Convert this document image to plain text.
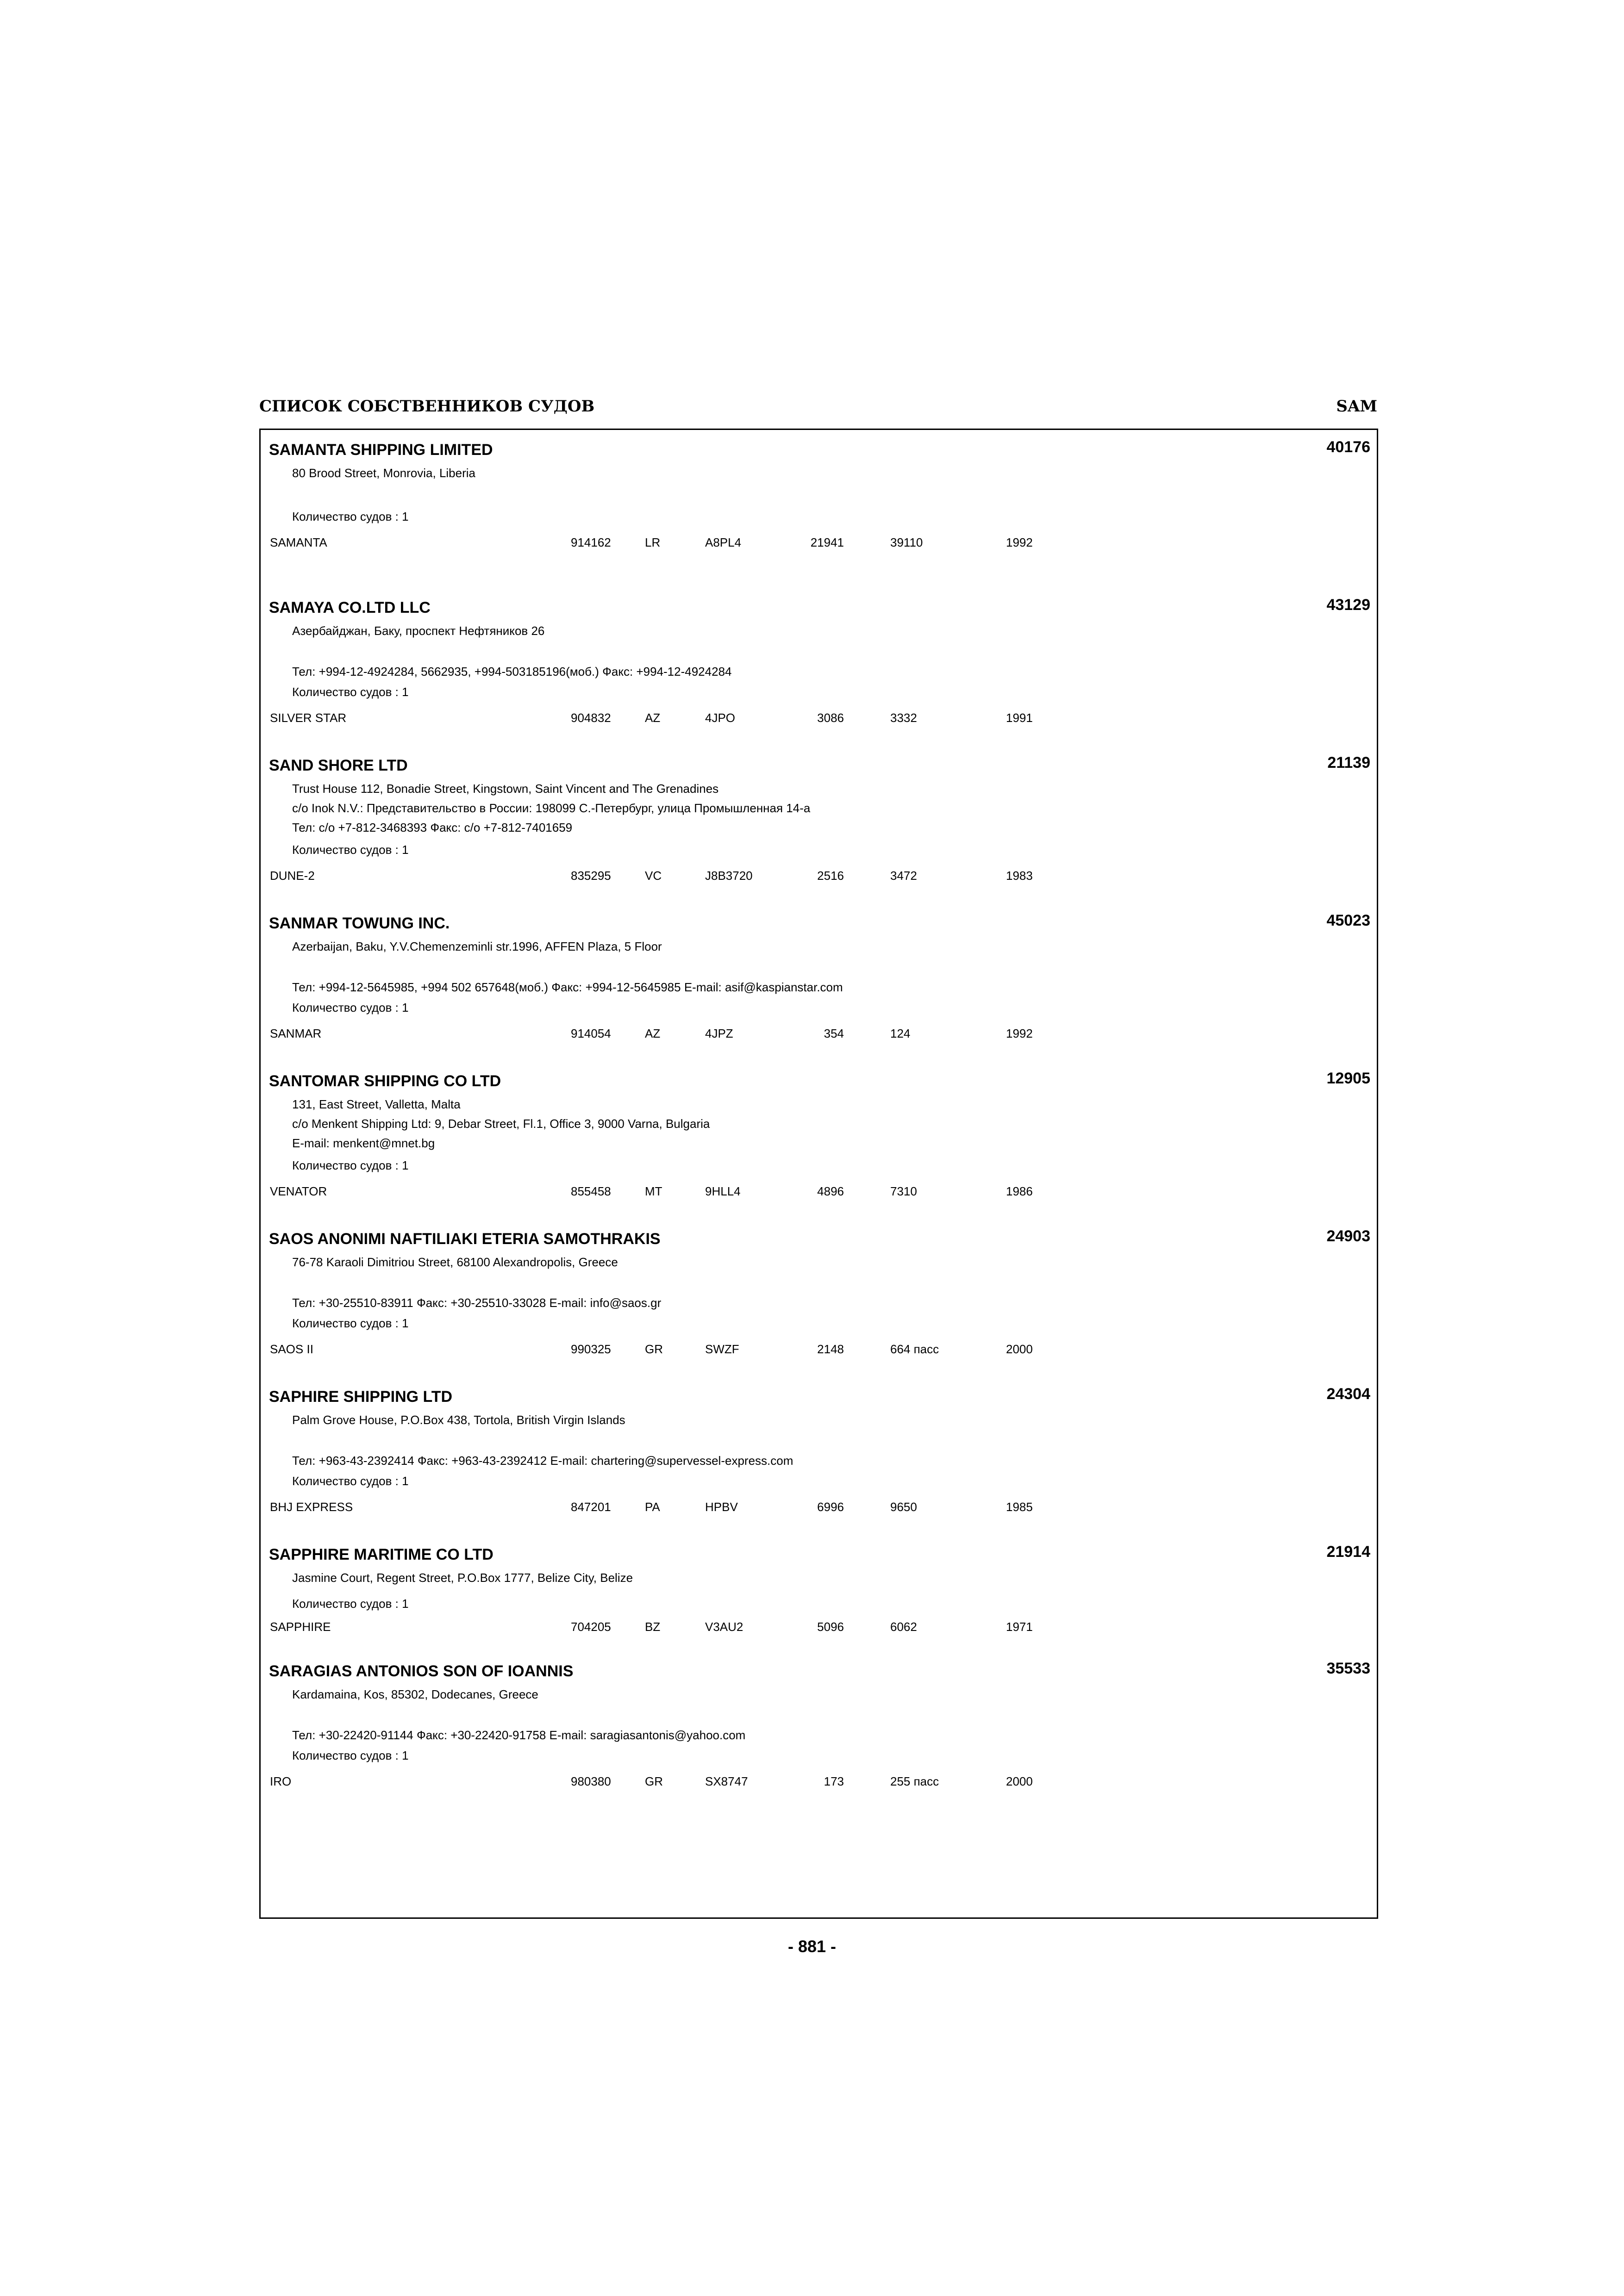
СПИСОК СОБСТВЕННИКОВ СУДОВ	SAM
SAMANTA SHIPPING LIMITED	40176
80 Brood Street, Monrovia, Liberia
Количество судов : 1
SAMANTA	914162	LR	A8PL4	21941	39110	1992
SAMAYA CO.LTD LLC	43129
Азербайджан, Баку, проспект Нефтяников 26
Тел: +994-12-4924284, 5662935, +994-503185196(моб.) Факс: +994-12-4924284
Количество судов : 1
SILVER STAR	904832	AZ	4JPO	3086	3332	1991
SAND SHORE LTD	21139
Trust House 112, Bonadie Street, Kingstown, Saint Vincent and The Grenadines
c/o Inok N.V.: Представительство в России: 198099 С.-Петербург, улица Промышленная 14-а
Тел: c/o +7-812-3468393 Факс: c/o +7-812-7401659
Количество судов : 1
DUNE-2	835295	VC	J8B3720	2516	3472	1983
SANMAR TOWUNG INC.	45023
Azerbaijan, Baku, Y.V.Chemenzeminli str.1996, AFFEN Plaza, 5 Floor
Тел: +994-12-5645985, +994 502 657648(моб.) Факс: +994-12-5645985 E-mail: asif@kaspianstar.com
Количество судов : 1
SANMAR	914054	AZ	4JPZ	354	124	1992
SANTOMAR SHIPPING CO LTD	12905
131, East Street, Valletta, Malta
c/o Menkent Shipping Ltd: 9, Debar Street, Fl.1, Office 3, 9000 Varna, Bulgaria
E-mail: menkent@mnet.bg
Количество судов : 1
VENATOR	855458	MT	9HLL4	4896	7310	1986
SAOS ANONIMI NAFTILIAKI ETERIA SAMOTHRAKIS	24903
76-78 Karaoli Dimitriou Street, 68100 Alexandropolis, Greece
Тел: +30-25510-83911 Факс: +30-25510-33028 E-mail: info@saos.gr
Количество судов : 1
SAOS II	990325	GR	SWZF	2148	664 пасс	2000
SAPHIRE SHIPPING LTD	24304
Palm Grove House, P.O.Box 438, Tortola, British Virgin Islands
Тел: +963-43-2392414 Факс: +963-43-2392412 E-mail: chartering@supervessel-express.com
Количество судов : 1
BHJ EXPRESS	847201	PA	HPBV	6996	9650	1985
SAPPHIRE MARITIME CO LTD	21914
Jasmine Court, Regent Street, P.O.Box 1777, Belize City, Belize
Количество судов : 1
SAPPHIRE	704205	BZ	V3AU2	5096	6062	1971
SARAGIAS ANTONIOS SON OF IOANNIS	35533
Kardamaina, Kos, 85302, Dodecanes, Greece
Тел: +30-22420-91144 Факс: +30-22420-91758 E-mail: saragiasantonis@yahoo.com
Количество судов : 1
IRO	980380	GR	SX8747	173	255 пасс	2000
- 881 -
